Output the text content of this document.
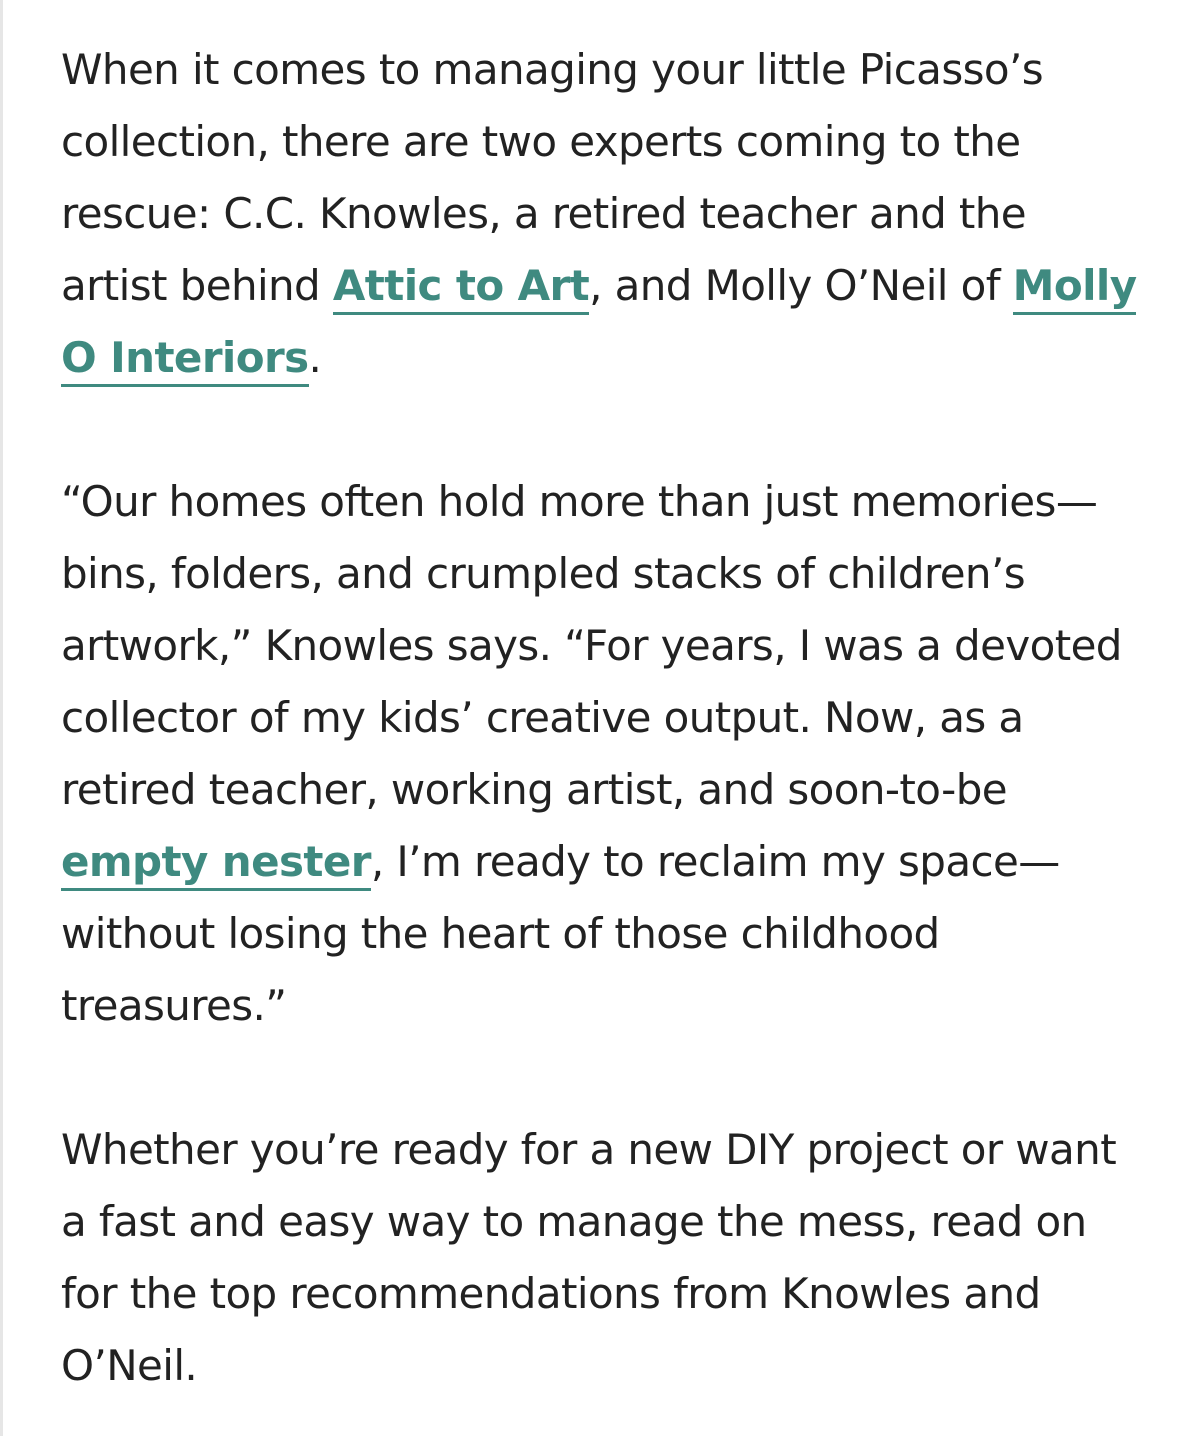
When it comes to managing your little Picasso’s collection, there are two experts coming to the rescue: C.C. Knowles, a retired teacher and the artist behind Attic to Art, and Molly O’Neil of Molly O Interiors.

“Our homes often hold more than just memories—bins, folders, and crumpled stacks of children’s artwork,” Knowles says. “For years, I was a devoted collector of my kids’ creative output. Now, as a retired teacher, working artist, and soon-to-be empty nester, I’m ready to reclaim my space—without losing the heart of those childhood treasures.”

Whether you’re ready for a new DIY project or want a fast and easy way to manage the mess, read on for the top recommendations from Knowles and O’Neil.
